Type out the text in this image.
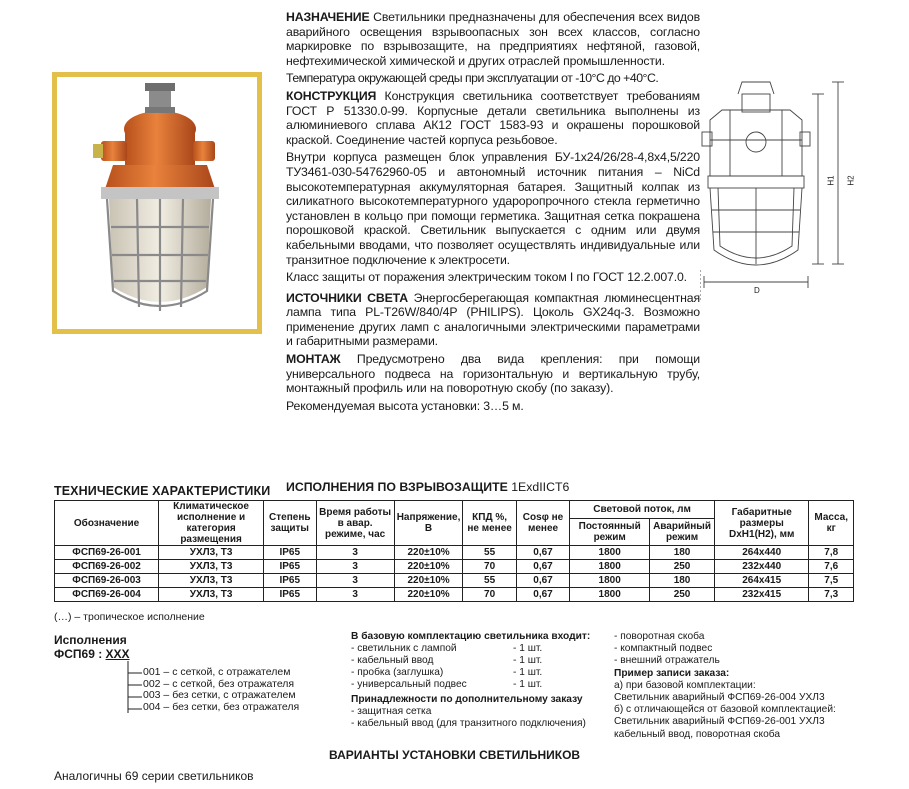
НАЗНАЧЕНИЕ Светильники предназначены для обеспечения всех видов аварийного освещения взрывоопасных зон всех классов, согласно маркировке по взрывозащите, на предприятиях нефтяной, газовой, нефтехимической химической и других отраслей промышленности.

Температура окружающей среды при эксплуатации от -10°С до +40°С.

КОНСТРУКЦИЯ Конструкция светильника соответствует требованиям ГОСТ Р 51330.0-99. Корпусные детали светильника выполнены из алюминиевого сплава АК12 ГОСТ 1583-93 и окрашены порошковой краской. Соединение частей корпуса резьбовое.

Внутри корпуса размещен блок управления БУ-1х24/26/28-4,8х4,5/220 ТУ3461-030-54762960-05 и автономный источник питания – NiCd высокотемпературная аккумуляторная батарея. Защитный колпак из силикатного высокотемпературного удароропрочного стекла герметично установлен в кольцо при помощи герметика. Защитная сетка покрашена порошковой краской. Светильник выпускается с одним или двумя кабельными вводами, что позволяет осуществлять индивидуальные или транзитное подключение к электросети.

Класс защиты от поражения электрическим током I по ГОСТ 12.2.007.0.

ИСТОЧНИКИ СВЕТА Энергосберегающая компактная люминесцентная лампа типа PL-T26W/840/4P (PHILIPS). Цоколь GX24q-3. Возможно применение других ламп с аналогичными электрическими параметрами и габаритными размерами.

МОНТАЖ Предусмотрено два вида крепления: при помощи универсального подвеса на горизонтальную и вертикальную трубу, монтажный профиль или на поворотную скобу (по заказу).

Рекомендуемая высота установки: 3…5 м.

H1 H2
D
ИСПОЛНЕНИЯ ПО ВЗРЫВОЗАЩИТЕ 1ExdIICT6
ТЕХНИЧЕСКИЕ ХАРАКТЕРИСТИКИ
Обозначение	Климатическое исполнение и категория размещения	Степень защиты	Время работы в авар. режиме, час	Напряжение, В	КПД %, не менее	Cosφ не менее	Световой поток, лм		Габаритные размеры DxH1(H2), мм	Масса, кг
							Постоянный режим	Аварийный режим		
ФСП69-26-001	УХЛ3, Т3	IP65	3	220±10%	55	0,67	1800	180	264х440	7,8
ФСП69-26-002	УХЛ3, Т3	IP65	3	220±10%	70	0,67	1800	250	232х440	7,6
ФСП69-26-003	УХЛ3, Т3	IP65	3	220±10%	55	0,67	1800	180	264х415	7,5
ФСП69-26-004	УХЛ3, Т3	IP65	3	220±10%	70	0,67	1800	250	232х415	7,3
(…) – тропическое исполнение
Исполнения
ФСП69 : ХХХ
001 – с сеткой, с отражателем
002 – с сеткой, без отражателя
003 – без сетки, с отражателем
004 – без сетки, без отражателя
В базовую комплектацию светильника входит:
- светильник с лампой	- 1 шт.
- кабельный ввод	- 1 шт.
- пробка (заглушка)	- 1 шт.
- универсальный подвес	- 1 шт.
Принадлежности по дополнительному заказу
- защитная сетка
- кабельный ввод (для транзитного подключения)
- поворотная скоба
- компактный подвес
- внешний отражатель
Пример записи заказа:
а) при базовой комплектации:
Светильник аварийный ФСП69-26-004 УХЛ3
б) с отличающейся от базовой комплектацией:
Светильник аварийный ФСП69-26-001 УХЛ3
кабельный ввод, поворотная скоба
ВАРИАНТЫ УСТАНОВКИ СВЕТИЛЬНИКОВ
Аналогичны 69 серии светильников
